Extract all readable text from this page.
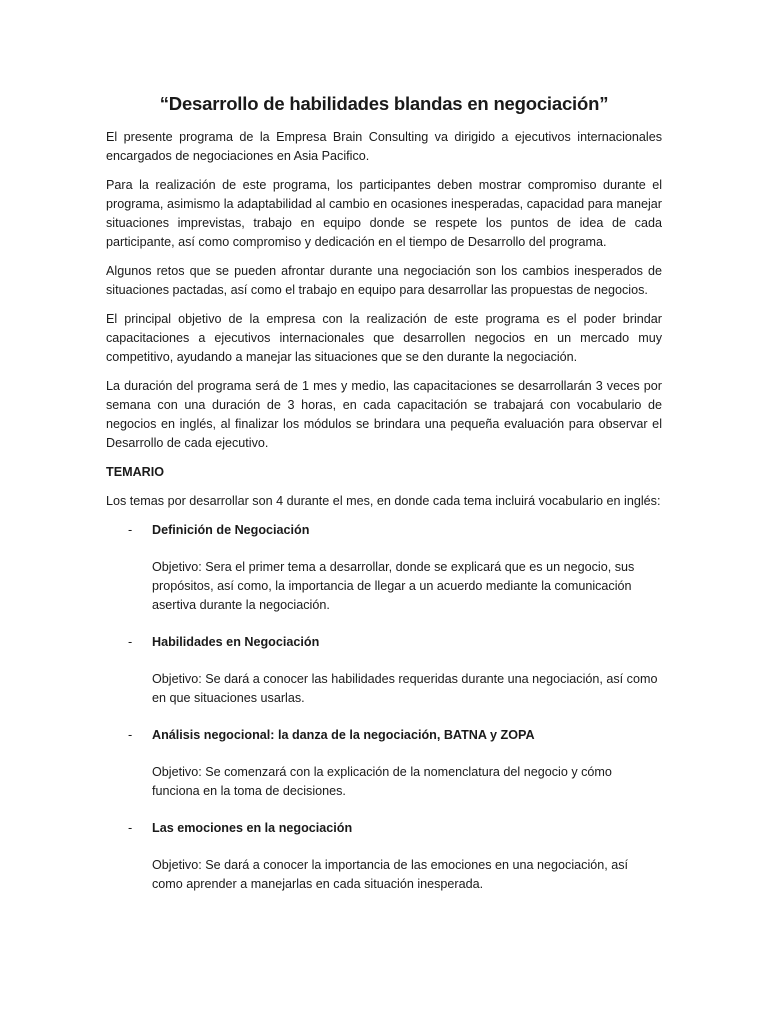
“Desarrollo de habilidades blandas en negociación”

El presente programa de la Empresa Brain Consulting va dirigido a ejecutivos internacionales encargados de negociaciones en Asia Pacifico.

Para la realización de este programa, los participantes deben mostrar compromiso durante el programa, asimismo la adaptabilidad al cambio en ocasiones inesperadas, capacidad para manejar situaciones imprevistas, trabajo en equipo donde se respete los puntos de idea de cada participante, así como compromiso y dedicación en el tiempo de Desarrollo del programa.

Algunos retos que se pueden afrontar durante una negociación son los cambios inesperados de situaciones pactadas, así como el trabajo en equipo para desarrollar las propuestas de negocios.

El principal objetivo de la empresa con la realización de este programa es el poder brindar capacitaciones a ejecutivos internacionales que desarrollen negocios en un mercado muy competitivo, ayudando a manejar las situaciones que se den durante la negociación.

La duración del programa será de 1 mes y medio, las capacitaciones se desarrollarán 3 veces por semana con una duración de 3 horas, en cada capacitación se trabajará con vocabulario de negocios en inglés, al finalizar los módulos se brindara una pequeña evaluación para observar el Desarrollo de cada ejecutivo.

TEMARIO

Los temas por desarrollar son 4 durante el mes, en donde cada tema incluirá vocabulario en inglés:

- Definición de Negociación
Objetivo: Sera el primer tema a desarrollar, donde se explicará que es un negocio, sus propósitos, así como, la importancia de llegar a un acuerdo mediante la comunicación asertiva durante la negociación.
- Habilidades en Negociación
Objetivo: Se dará a conocer las habilidades requeridas durante una negociación, así como en que situaciones usarlas.
- Análisis negocional: la danza de la negociación, BATNA y ZOPA
Objetivo: Se comenzará con la explicación de la nomenclatura del negocio y cómo funciona en la toma de decisiones.
- Las emociones en la negociación
Objetivo: Se dará a conocer la importancia de las emociones en una negociación, así como aprender a manejarlas en cada situación inesperada.
